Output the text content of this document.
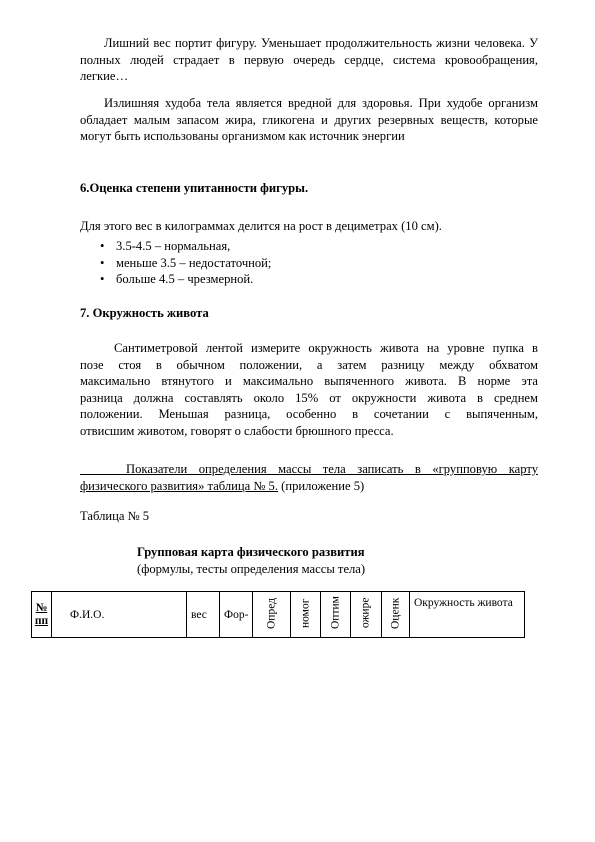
Лишний вес портит фигуру. Уменьшает продолжительность жизни человека. У
полных людей страдает в первую очередь сердце, система кровообращения,
легкие…

Излишняя худоба тела является вредной для здоровья. При худобе организм
обладает малым запасом жира, гликогена и других резервных веществ, которые
могут быть использованы организмом как источник энергии

6.Оценка степени упитанности фигуры.

Для этого вес в килограммах делится на рост в дециметрах (10 см).

• 3.5-4.5 – нормальная,
• меньше 3.5 – недостаточной;
• больше 4.5 – чрезмерной.

7. Окружность живота

Сантиметровой лентой измерите окружность живота на уровне пупка в
позе стоя в обычном положении, а затем разницу между обхватом
максимально втянутого и максимально выпяченного живота. В норме эта
разница должна составлять около 15% от окружности живота в среднем
положении. Меньшая разница, особенно в сочетании с выпяченным,
отвисшим животом, говорят о слабости брюшного пресса.

Показатели определения массы тела записать в «групповую карту
физического развития» таблица № 5. (приложение 5)

Таблица № 5
Групповая карта физического развития
(формулы, тесты определения массы тела)
№
пп	Ф.И.О.	вес	Фор-	Опред	номог	Оптим	ожире	Оценк	Окружность живота
